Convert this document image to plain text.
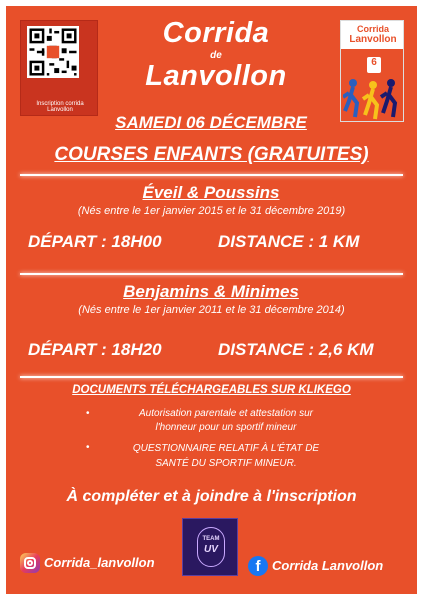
Inscription corrida Lanvollon
Corrida
de
Lanvollon
Corrida
Lanvollon
6
SAMEDI 06 DÉCEMBRE
COURSES ENFANTS (GRATUITES)
Éveil & Poussins
(Nés entre le 1er janvier 2015 et le 31 décembre 2019)
DÉPART : 18H00	DISTANCE : 1 KM
Benjamins & Minimes
(Nés entre le 1er janvier 2011 et le 31 décembre 2014)
DÉPART : 18H20	DISTANCE : 2,6 KM
DOCUMENTS TÉLÉCHARGEABLES SUR KLIKEGO
•	Autorisation parentale et attestation sur
l'honneur pour un sportif mineur
•	QUESTIONNAIRE RELATIF À L'ÉTAT DE
SANTÉ DU SPORTIF MINEUR.
À compléter et à joindre à l'inscription
TEAM
UV
Corrida_lanvollon	f Corrida Lanvollon
